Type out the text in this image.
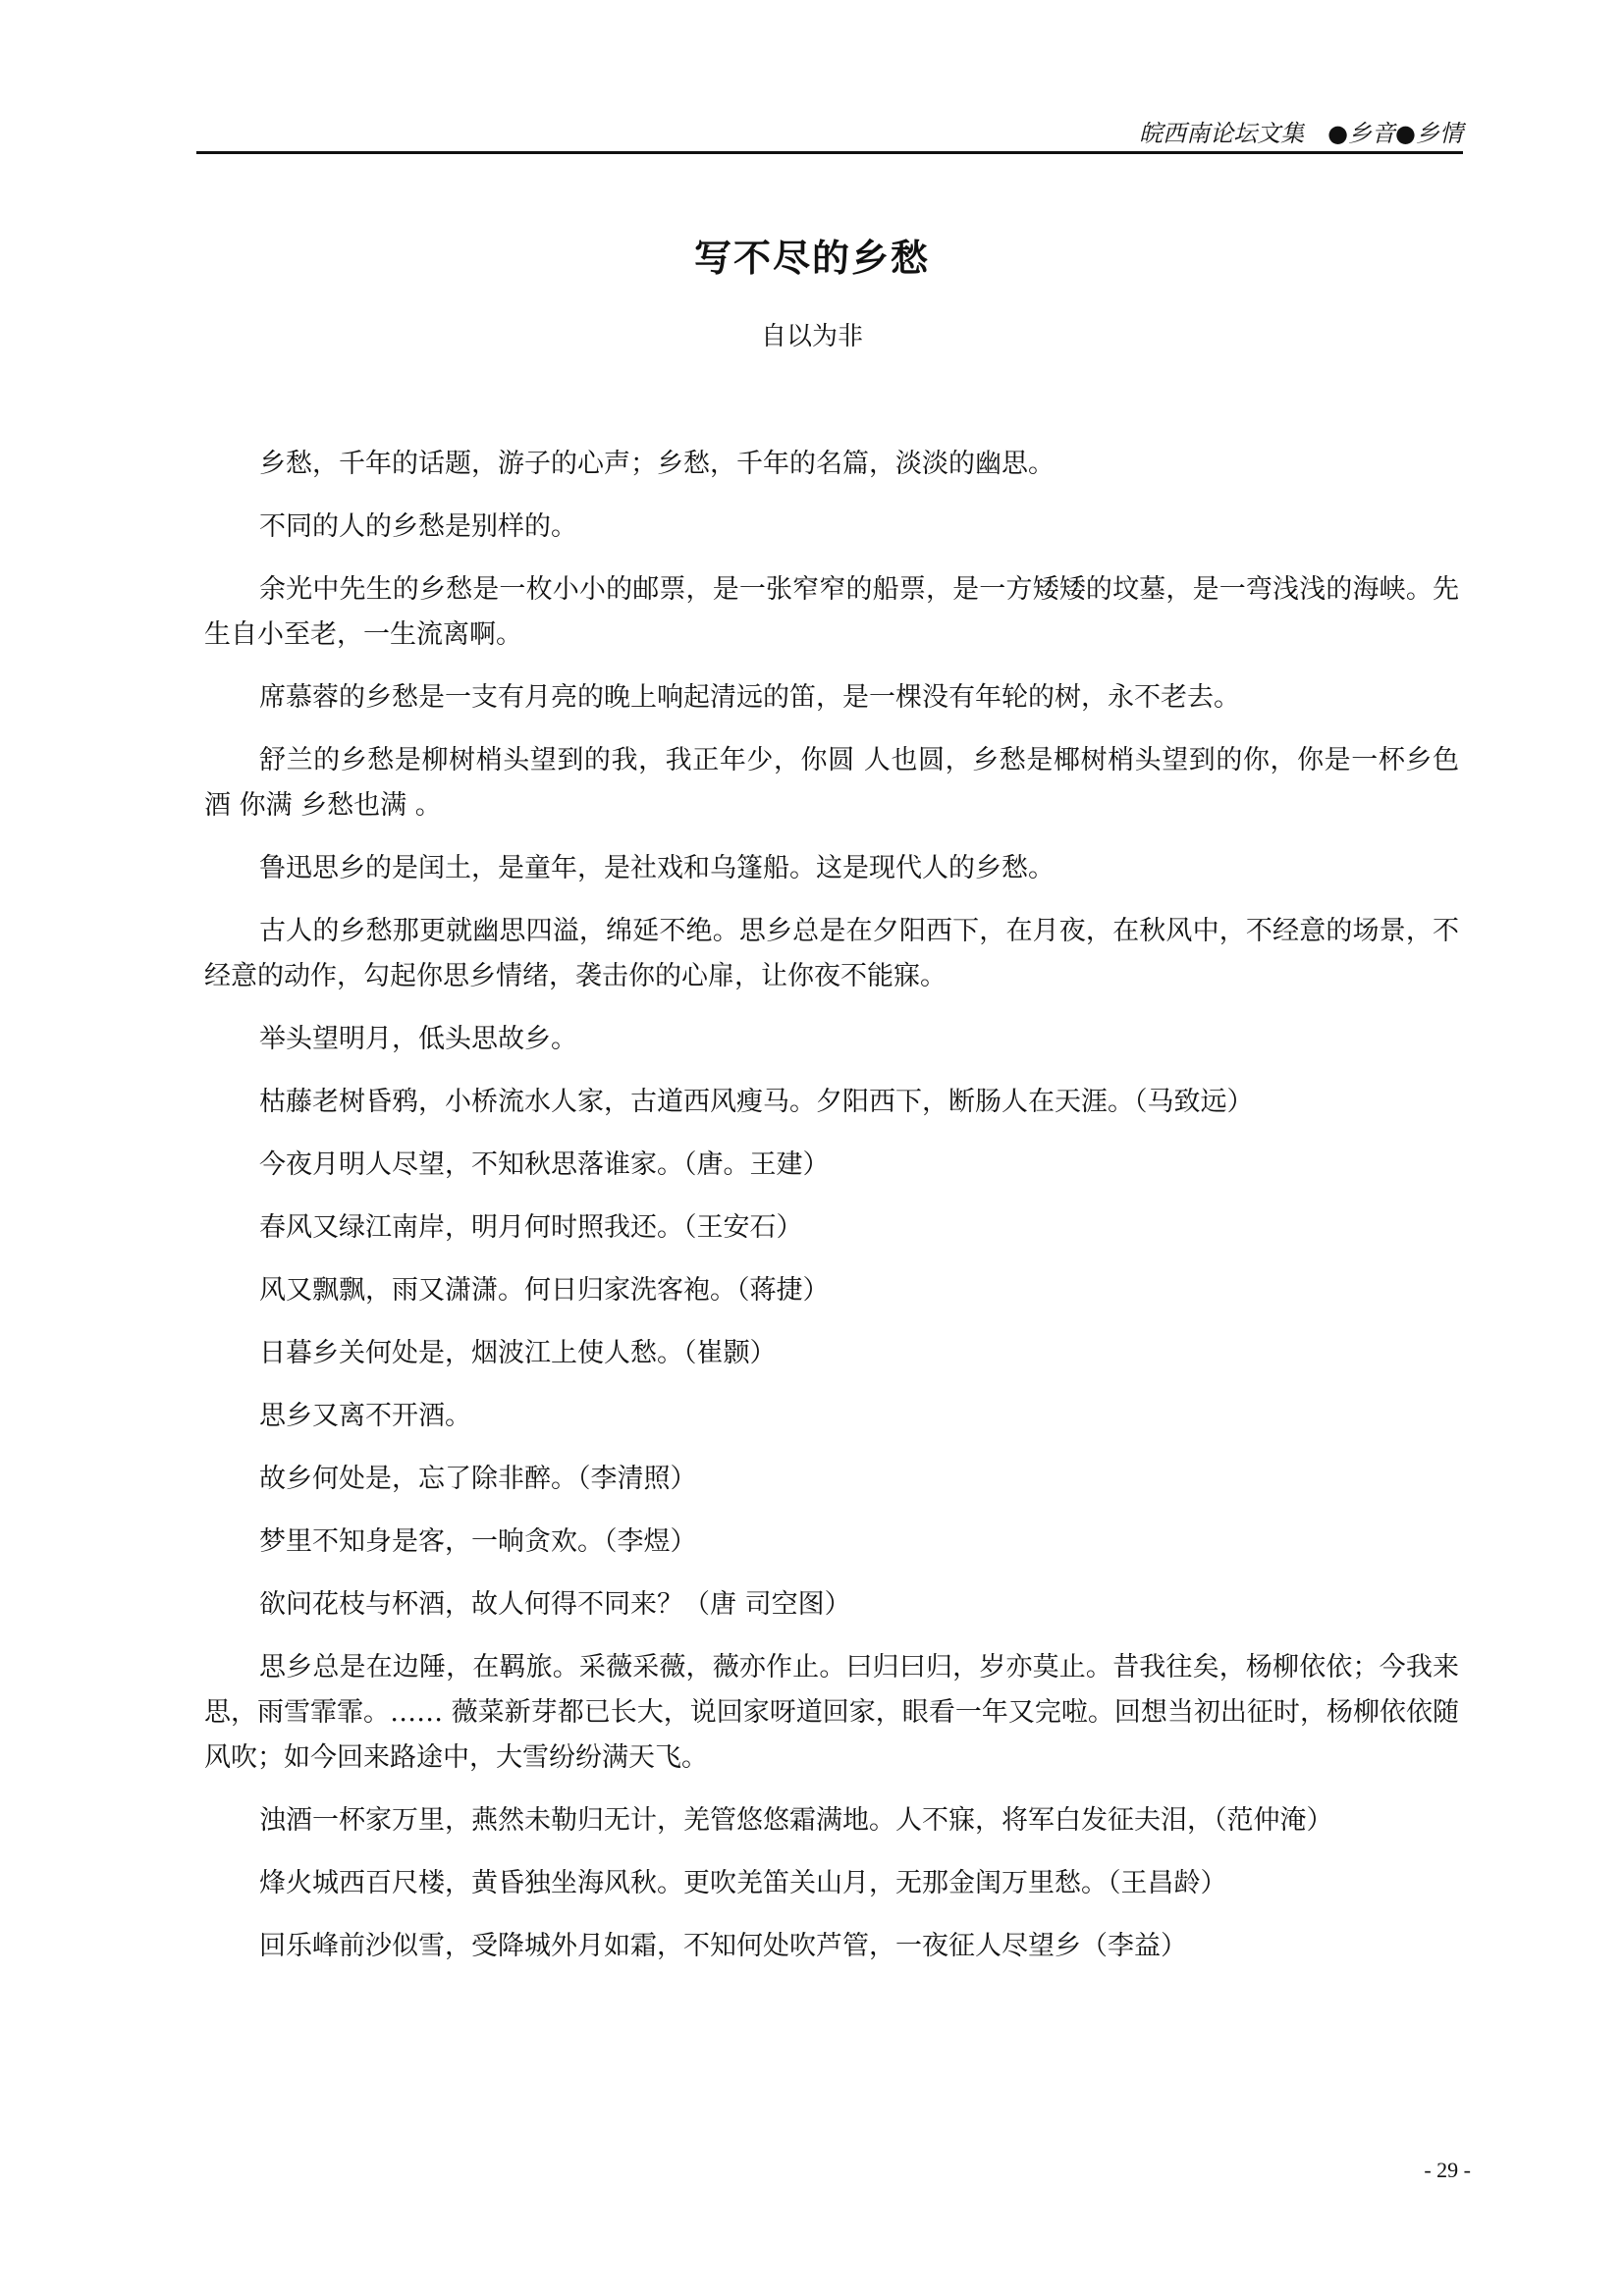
皖西南论坛文集　●乡音●乡情
写不尽的乡愁
自以为非

乡愁，千年的话题，游子的心声；乡愁，千年的名篇，淡淡的幽思。

不同的人的乡愁是别样的。

余光中先生的乡愁是一枚小小的邮票，是一张窄窄的船票，是一方矮矮的坟墓，是一弯浅浅的海峡。先生自小至老，一生流离啊。

席慕蓉的乡愁是一支有月亮的晚上响起清远的笛，是一棵没有年轮的树，永不老去。

舒兰的乡愁是柳树梢头望到的我，我正年少，你圆 人也圆，乡愁是椰树梢头望到的你，你是一杯乡色酒 你满 乡愁也满 。

鲁迅思乡的是闰土，是童年，是社戏和乌篷船。这是现代人的乡愁。

古人的乡愁那更就幽思四溢，绵延不绝。思乡总是在夕阳西下，在月夜，在秋风中，不经意的场景，不经意的动作，勾起你思乡情绪，袭击你的心扉，让你夜不能寐。

举头望明月，低头思故乡。

枯藤老树昏鸦，小桥流水人家，古道西风瘦马。夕阳西下，断肠人在天涯。（马致远）

今夜月明人尽望，不知秋思落谁家。（唐。王建）

春风又绿江南岸，明月何时照我还。（王安石）

风又飘飘，雨又潇潇。何日归家洗客袍。（蒋捷）

日暮乡关何处是，烟波江上使人愁。（崔颢）

思乡又离不开酒。

故乡何处是，忘了除非醉。（李清照）

梦里不知身是客，一晌贪欢。（李煜）

欲问花枝与杯酒，故人何得不同来？（唐 司空图）

思乡总是在边陲，在羁旅。采薇采薇，薇亦作止。曰归曰归，岁亦莫止。昔我往矣，杨柳依依；今我来思，雨雪霏霏。…… 薇菜新芽都已长大，说回家呀道回家，眼看一年又完啦。回想当初出征时，杨柳依依随风吹；如今回来路途中，大雪纷纷满天飞。

浊酒一杯家万里，燕然未勒归无计，羌管悠悠霜满地。人不寐，将军白发征夫泪，（范仲淹）

烽火城西百尺楼，黄昏独坐海风秋。更吹羌笛关山月，无那金闺万里愁。（王昌龄）

回乐峰前沙似雪，受降城外月如霜，不知何处吹芦管，一夜征人尽望乡（李益）

- 29 -
